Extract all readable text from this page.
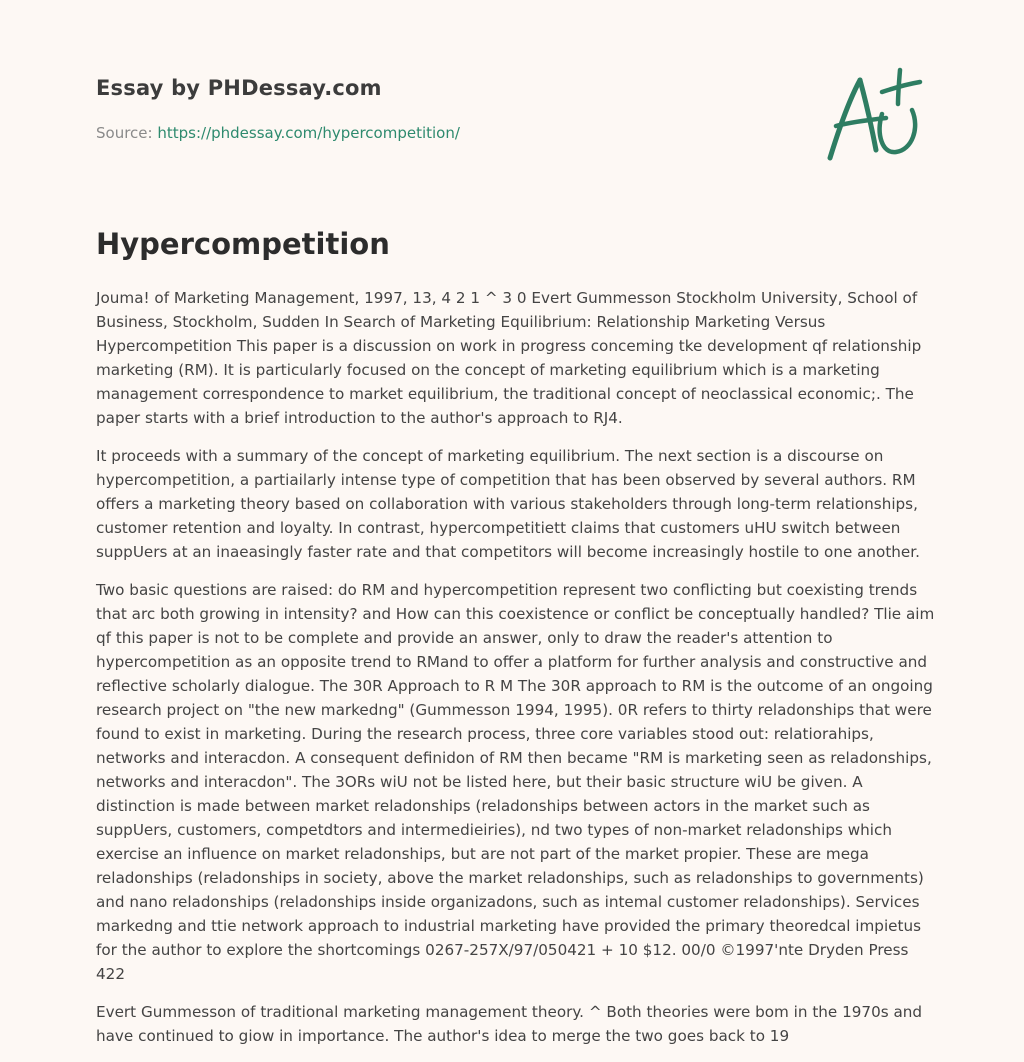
Essay by PHDessay.com
Source: https://phdessay.com/hypercompetition/
Hypercompetition

Jouma! of Marketing Management, 1997, 13, 4 2 1 ^ 3 0 Evert Gummesson Stockholm University, School of Business, Stockholm, Sudden In Search of Marketing Equilibrium: Relationship Marketing Versus Hypercompetition This paper is a discussion on work in progress conceming tke development qf relationship marketing (RM). It is particularly focused on the concept of marketing equilibrium which is a marketing management correspondence to market equilibrium, the traditional concept of neoclassical economic;. The paper starts with a brief introduction to the author's approach to RJ4.

It proceeds with a summary of the concept of marketing equilibrium. The next section is a discourse on hypercompetition, a partiailarly intense type of competition that has been observed by several authors. RM offers a marketing theory based on collaboration with various stakeholders through long-term relationships, customer retention and loyalty. In contrast, hypercompetitiett claims that customers uHU switch between suppUers at an inaeasingly faster rate and that competitors will become increasingly hostile to one another.

Two basic questions are raised: do RM and hypercompetition represent two conflicting but coexisting trends that arc both growing in intensity? and How can this coexistence or conflict be conceptually handled? Tlie aim qf this paper is not to be complete and provide an answer, only to draw the reader's attention to hypercompetition as an opposite trend to RMand to offer a platform for further analysis and constructive and reflective scholarly dialogue. The 30R Approach to R M The 30R approach to RM is the outcome of an ongoing research project on "the new markedng" (Gummesson 1994, 1995). 0R refers to thirty reladonships that were found to exist in marketing. During the research process, three core variables stood out: relatiorahips, networks and interacdon. A consequent definidon of RM then became "RM is marketing seen as reladonships, networks and interacdon". The 3ORs wiU not be listed here, but their basic structure wiU be given. A distinction is made between market reladonships (reladonships between actors in the market such as suppUers, customers, competdtors and intermedieiries), nd two types of non-market reladonships which exercise an influence on market reladonships, but are not part of the market propier. These are mega reladonships (reladonships in society, above the market reladonships, such as reladonships to governments) and nano reladonships (reladonships inside organizadons, such as intemal customer reladonships). Services markedng and ttie network approach to industrial marketing have provided the primary theoredcal impietus for the author to explore the shortcomings 0267-257X/97/050421 + 10 $12. 00/0 ©1997'nte Dryden Press 422

Evert Gummesson of traditional marketing management theory. ^ Both theories were bom in the 1970s and have continued to giow in importance. The author's idea to merge the two goes back to 19
